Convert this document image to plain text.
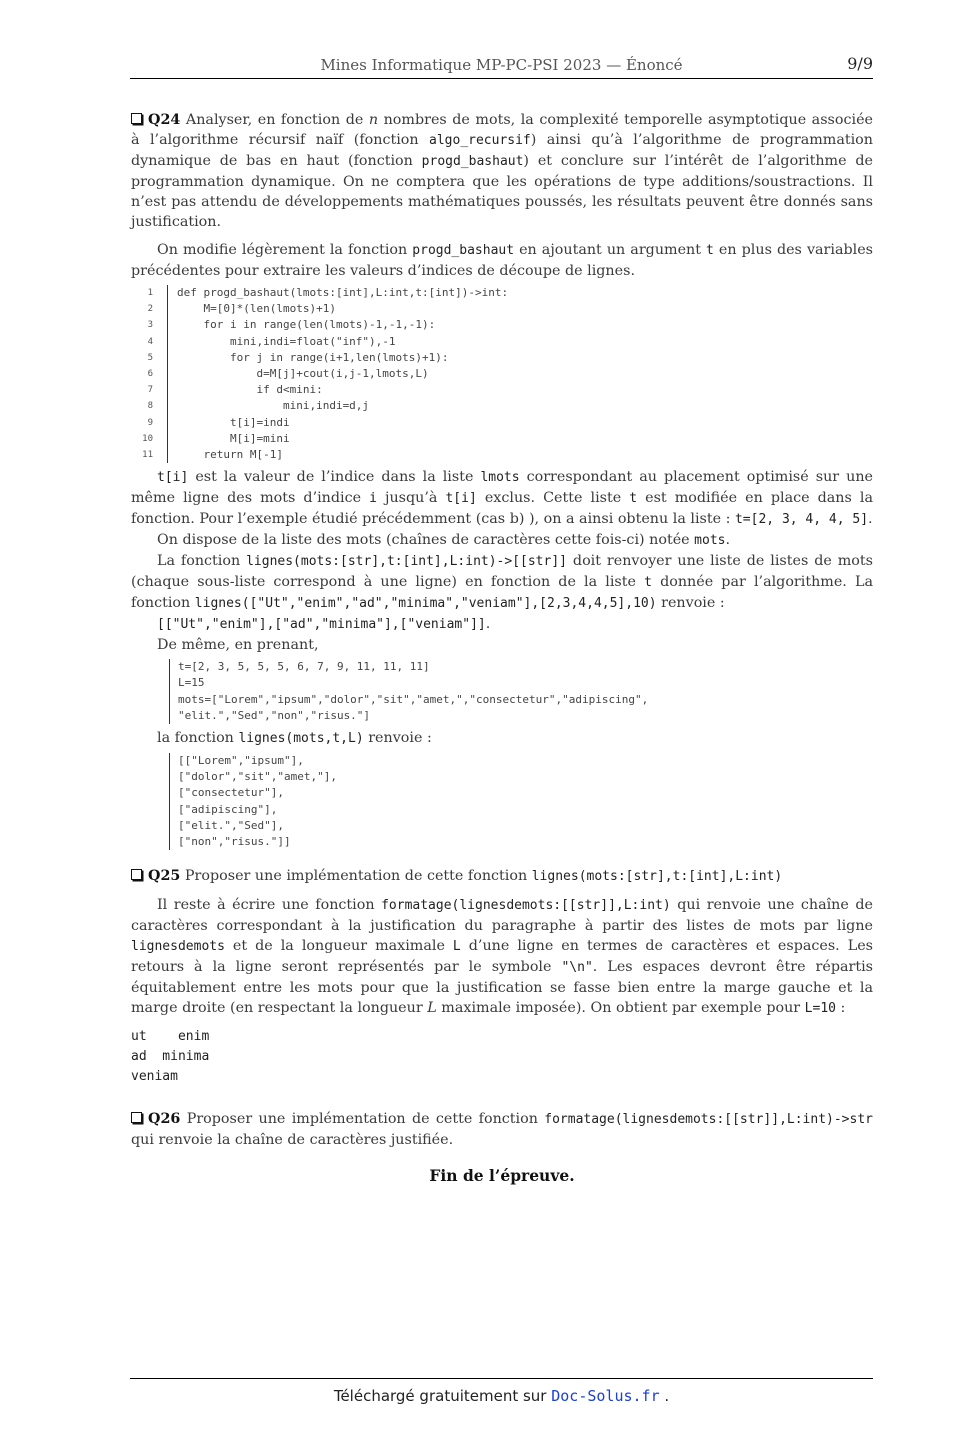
Mines Informatique MP-PC-PSI 2023 — Énoncé	9/9

Q24 Analyser, en fonction de n nombres de mots, la complexité temporelle asymptotique associée à l’algorithme récursif naïf (fonction algo_recursif) ainsi qu’à l’algorithme de programmation dynamique de bas en haut (fonction progd_bashaut) et conclure sur l’intérêt de l’algorithme de programmation dynamique. On ne comptera que les opérations de type additions/soustractions. Il n’est pas attendu de développements mathématiques poussés, les résultats peuvent être donnés sans justification.

On modifie légèrement la fonction progd_bashaut en ajoutant un argument t en plus des variables précédentes pour extraire les valeurs d’indices de découpe de lignes.

1	def progd_bashaut(lmots:[int],L:int,t:[int])->int:
2	M=[0]*(len(lmots)+1)
3	for i in range(len(lmots)-1,-1,-1):
4	mini,indi=float("inf"),-1
5	for j in range(i+1,len(lmots)+1):
6	d=M[j]+cout(i,j-1,lmots,L)
7	if d<mini:
8	mini,indi=d,j
9	t[i]=indi
10	M[i]=mini
11	return M[-1]

t[i] est la valeur de l’indice dans la liste lmots correspondant au placement optimisé sur une même ligne des mots d’indice i jusqu’à t[i] exclus. Cette liste t est modifiée en place dans la fonction. Pour l’exemple étudié précédemment (cas b) ), on a ainsi obtenu la liste : t=[2, 3, 4, 4, 5].

On dispose de la liste des mots (chaînes de caractères cette fois-ci) notée mots.

La fonction lignes(mots:[str],t:[int],L:int)->[[str]] doit renvoyer une liste de listes de mots (chaque sous-liste correspond à une ligne) en fonction de la liste t donnée par l’algorithme. La fonction lignes(["Ut","enim","ad","minima","veniam"],[2,3,4,4,5],10) renvoie :

[["Ut","enim"],["ad","minima"],["veniam"]].

De même, en prenant,

t=[2, 3, 5, 5, 5, 6, 7, 9, 11, 11, 11]
L=15
mots=["Lorem","ipsum","dolor","sit","amet,","consectetur","adipiscing",
"elit.","Sed","non","risus."]

la fonction lignes(mots,t,L) renvoie :

[["Lorem","ipsum"],
["dolor","sit","amet,"],
["consectetur"],
["adipiscing"],
["elit.","Sed"],
["non","risus."]]

Q25 Proposer une implémentation de cette fonction lignes(mots:[str],t:[int],L:int)

Il reste à écrire une fonction formatage(lignesdemots:[[str]],L:int) qui renvoie une chaîne de caractères correspondant à la justification du paragraphe à partir des listes de mots par ligne lignesdemots et de la longueur maximale L d’une ligne en termes de caractères et espaces. Les retours à la ligne seront représentés par le symbole "\n". Les espaces devront être répartis équitablement entre les mots pour que la justification se fasse bien entre la marge gauche et la marge droite (en respectant la longueur L maximale imposée). On obtient par exemple pour L=10 :

ut    enim
ad  minima
veniam

Q26 Proposer une implémentation de cette fonction formatage(lignesdemots:[[str]],L:int)->str qui renvoie la chaîne de caractères justifiée.

Fin de l’épreuve.
Téléchargé gratuitement sur Doc-Solus.fr .
